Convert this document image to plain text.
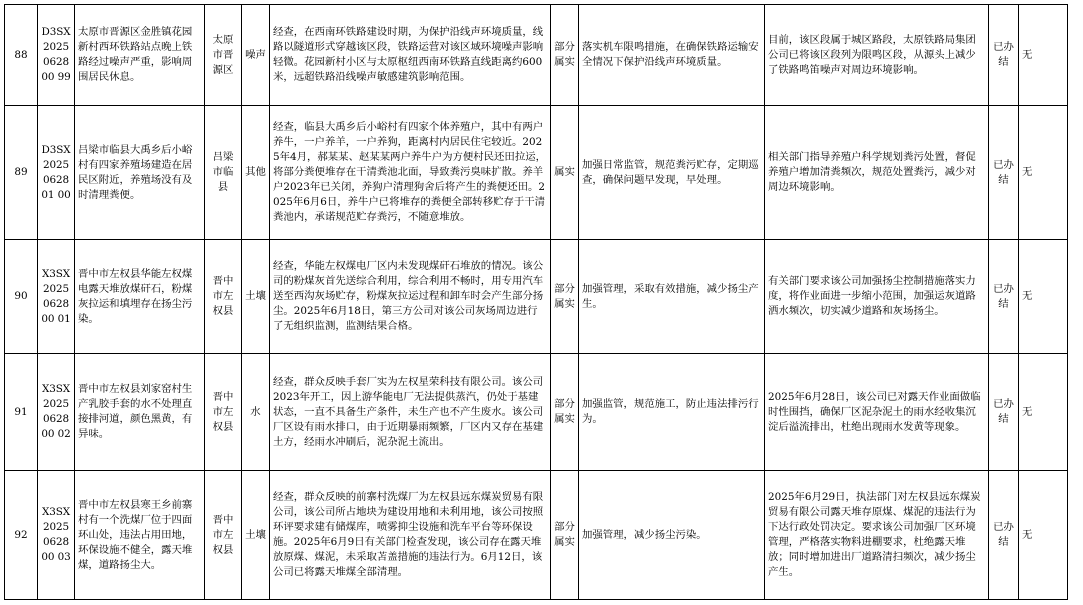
88	D3SX2025062800 99	太原市晋源区金胜镇花园新村西环铁路站点晚上铁路经过噪声严重，影响周围居民休息。	太原市晋源区	噪声	经查，在西南环铁路建设时期，为保护沿线声环境质量，线路以隧道形式穿越该区段，铁路运营对该区域环境噪声影响轻微。花园新村小区与太原枢纽西南环铁路直线距离约600米，远超铁路沿线噪声敏感建筑影响范围。	部分属实	落实机车限鸣措施，在确保铁路运输安全情况下保护沿线声环境质量。	目前，该区段属于城区路段，太原铁路局集团公司已将该区段列为限鸣区段，从源头上减少了铁路鸣笛噪声对周边环境影响。	已办结	无
89	D3SX2025062801 00	吕梁市临县大禹乡后小峪村有四家养殖场建造在居民区附近，养殖场没有及时清理粪便。	吕梁市临县	其他	经查，临县大禹乡后小峪村有四家个体养殖户，其中有两户养牛，一户养羊，一户养狗，距离村内居民住宅较近。2025年4月，郝某某、赵某某两户养牛户为方便村民还田拉运，将部分粪便堆存在干清粪池北面，导致粪污臭味扩散。养羊户2023年已关闭，养狗户清理狗舍后将产生的粪便还田。2025年6月6日，养牛户已将堆存的粪便全部转移贮存于干清粪池内，承诺规范贮存粪污，不随意堆放。	属实	加强日常监管，规范粪污贮存，定期巡查，确保问题早发现，早处理。	相关部门指导养殖户科学规划粪污处置，督促养殖户增加清粪频次，规范处置粪污，减少对周边环境影响。	已办结	无
90	X3SX2025062800 01	晋中市左权县华能左权煤电露天堆放煤矸石，粉煤灰拉运和填埋存在扬尘污染。	晋中市左权县	土壤	经查，华能左权煤电厂区内未发现煤矸石堆放的情况。该公司的粉煤灰首先送综合利用，综合利用不畅时，用专用汽车送至西沟灰场贮存，粉煤灰拉运过程和卸车时会产生部分扬尘。2025年6月18日，第三方公司对该公司灰场周边进行了无组织监测，监测结果合格。	部分属实	加强管理，采取有效措施，减少扬尘产生。	有关部门要求该公司加强扬尘控制措施落实力度，将作业面进一步缩小范围，加强运灰道路洒水频次，切实减少道路和灰场扬尘。	已办结	无
91	X3SX2025062800 02	晋中市左权县刘家窑村生产乳胶手套的水不处理直接排河道，颜色黑黄，有异味。	晋中市左权县	水	经查，群众反映手套厂实为左权星荣科技有限公司。该公司2023年开工，因上游华能电厂无法提供蒸汽，仍处于基建状态，一直不具备生产条件，未生产也不产生废水。该公司厂区设有雨水排口，由于近期暴雨频繁，厂区内又存在基建土方，经雨水冲刷后，泥杂泥土流出。	部分属实	加强监管，规范施工，防止违法排污行为。	2025年6月28日，该公司已对露天作业面做临时性围挡，确保厂区泥杂泥土的雨水经收集沉淀后溢流排出，杜绝出现雨水发黄等现象。	已办结	无
92	X3SX2025062800 03	晋中市左权县寒王乡前寨村有一个洗煤厂位于四面环山处，违法占用田地，环保设施不健全，露天堆煤，道路扬尘大。	晋中市左权县	土壤	经查，群众反映的前寨村洗煤厂为左权县远东煤炭贸易有限公司，该公司所占地块为建设用地和未利用地，该公司按照环评要求建有储煤库，喷雾抑尘设施和洗车平台等环保设施。2025年6月9日有关部门检查发现，该公司存在露天堆放原煤、煤泥，未采取苫盖措施的违法行为。6月12日，该公司已将露天堆煤全部清理。	部分属实	加强管理，减少扬尘污染。	2025年6月29日，执法部门对左权县远东煤炭贸易有限公司露天堆存原煤、煤泥的违法行为下达行政处罚决定。要求该公司加强厂区环境管理，严格落实物料进棚要求，杜绝露天堆放；同时增加进出厂道路清扫频次，减少扬尘产生。	已办结	无
